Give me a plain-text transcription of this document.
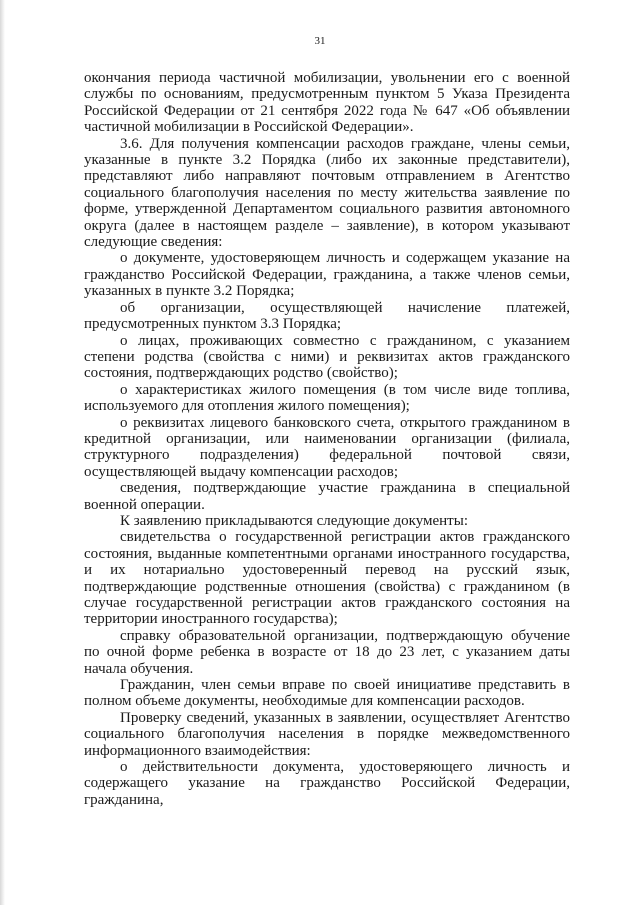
31

окончания периода частичной мобилизации, увольнении его с военной службы по основаниям, предусмотренным пунктом 5 Указа Президента Российской Федерации от 21 сентября 2022 года № 647 «Об объявлении частичной мобилизации в Российской Федерации».

3.6. Для получения компенсации расходов граждане, члены семьи, указанные в пункте 3.2 Порядка (либо их законные представители), представляют либо направляют почтовым отправлением в Агентство социального благополучия населения по месту жительства заявление по форме, утвержденной Департаментом социального развития автономного округа (далее в настоящем разделе – заявление), в котором указывают следующие сведения:

о документе, удостоверяющем личность и содержащем указание на гражданство Российской Федерации, гражданина, а также членов семьи, указанных в пункте 3.2 Порядка;

об организации, осуществляющей начисление платежей, предусмотренных пунктом 3.3 Порядка;

о лицах, проживающих совместно с гражданином, с указанием степени родства (свойства с ними) и реквизитах актов гражданского состояния, подтверждающих родство (свойство);

о характеристиках жилого помещения (в том числе виде топлива, используемого для отопления жилого помещения);

о реквизитах лицевого банковского счета, открытого гражданином в кредитной организации, или наименовании организации (филиала, структурного подразделения) федеральной почтовой связи, осуществляющей выдачу компенсации расходов;

сведения, подтверждающие участие гражданина в специальной военной операции.

К заявлению прикладываются следующие документы:

свидетельства о государственной регистрации актов гражданского состояния, выданные компетентными органами иностранного государства, и их нотариально удостоверенный перевод на русский язык, подтверждающие родственные отношения (свойства) с гражданином (в случае государственной регистрации актов гражданского состояния на территории иностранного государства);

справку образовательной организации, подтверждающую обучение по очной форме ребенка в возрасте от 18 до 23 лет, с указанием даты начала обучения.

Гражданин, член семьи вправе по своей инициативе представить в полном объеме документы, необходимые для компенсации расходов.

Проверку сведений, указанных в заявлении, осуществляет Агентство социального благополучия населения в порядке межведомственного информационного взаимодействия:

о действительности документа, удостоверяющего личность и содержащего указание на гражданство Российской Федерации, гражданина,
